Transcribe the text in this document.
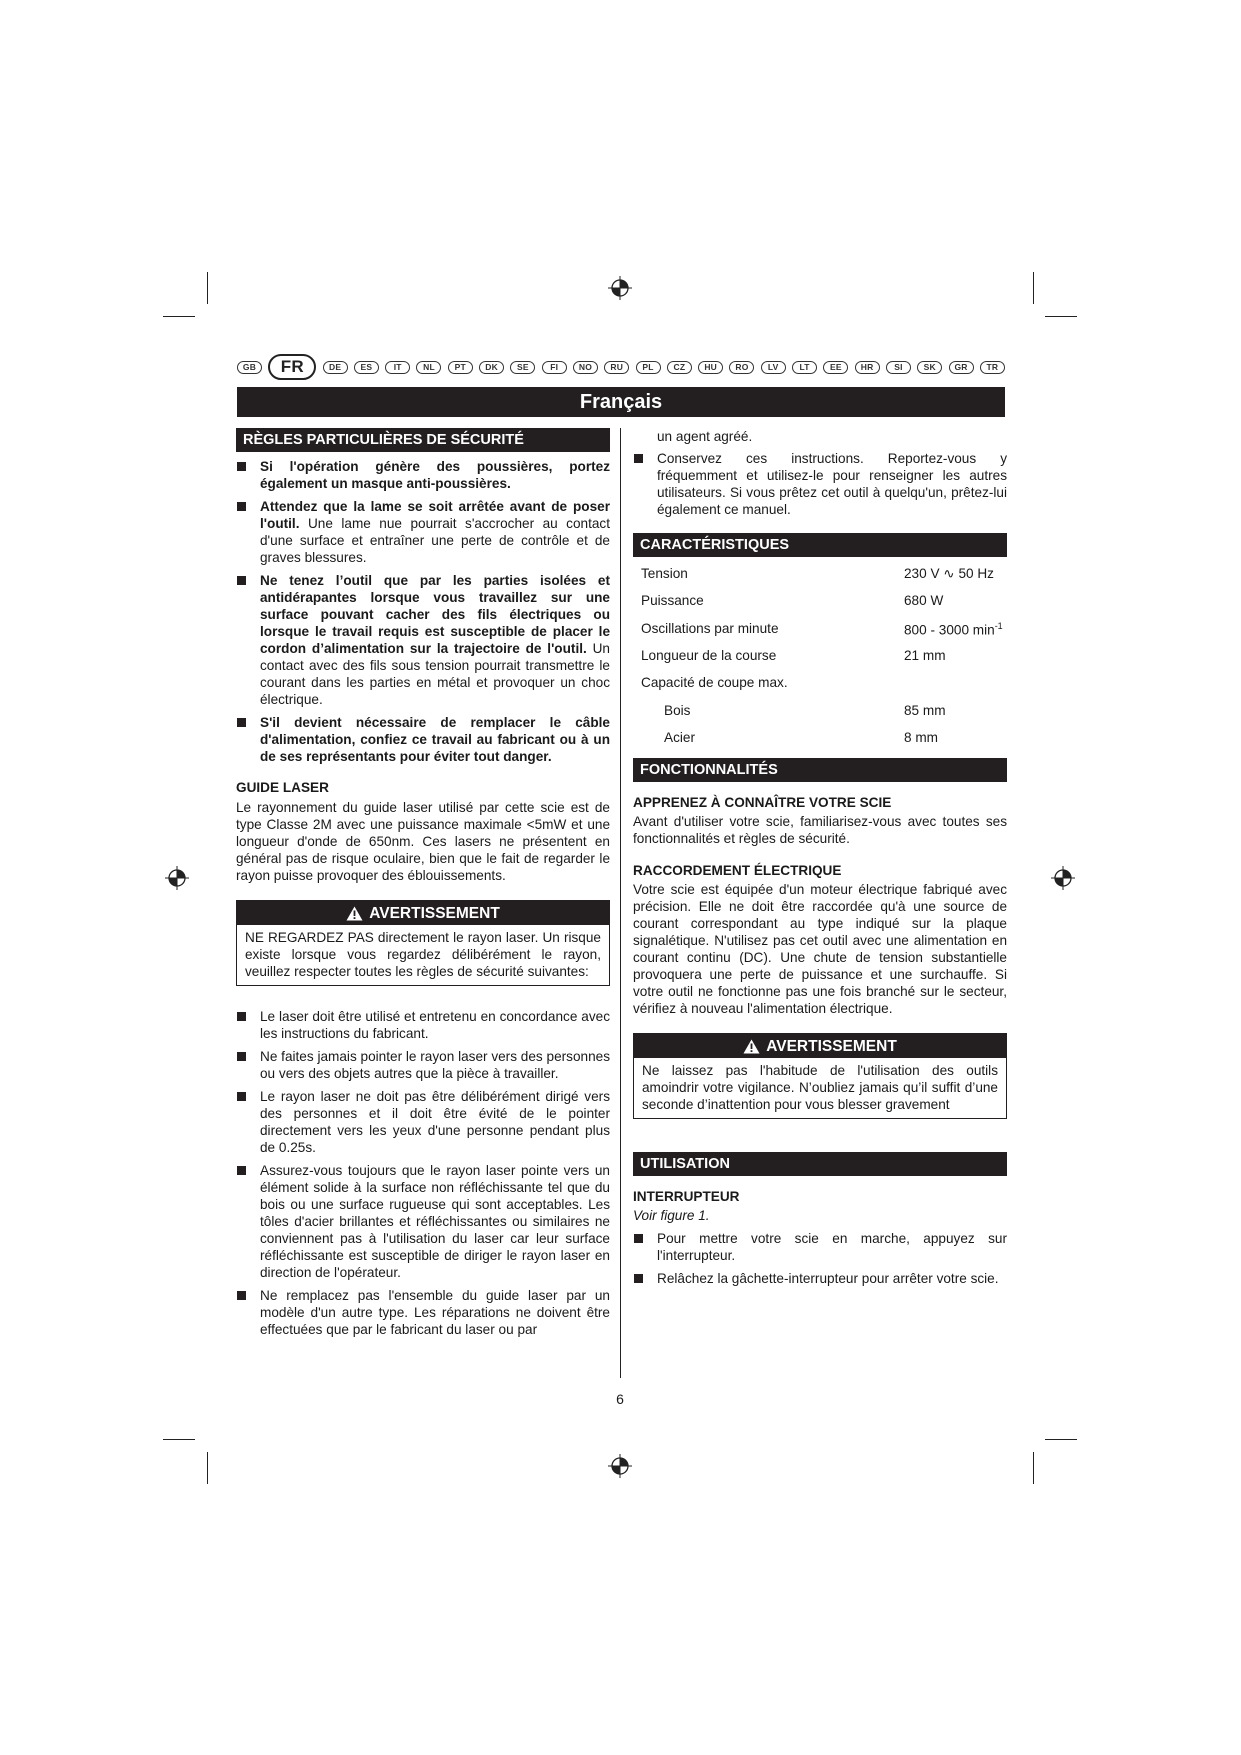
GB	FR	DE	ES	IT	NL	PT	DK	SE	FI	NO	RU	PL	CZ	HU	RO	LV	LT	EE	HR	SI	SK	GR	TR
Français
RÈGLES PARTICULIÈRES DE SÉCURITÉ
Si l'opération génère des poussières, portez également un masque anti-poussières.
Attendez que la lame se soit arrêtée avant de poser l'outil. Une lame nue pourrait s'accrocher au contact d'une surface et entraîner une perte de contrôle et de graves blessures.
Ne tenez l’outil que par les parties isolées et antidérapantes lorsque vous travaillez sur une surface pouvant cacher des fils électriques ou lorsque le travail requis est susceptible de placer le cordon d’alimentation sur la trajectoire de l'outil. Un contact avec des fils sous tension pourrait transmettre le courant dans les parties en métal et provoquer un choc électrique.
S'il devient nécessaire de remplacer le câble d'alimentation, confiez ce travail au fabricant ou à un de ses représentants pour éviter tout danger.
GUIDE LASER

Le rayonnement du guide laser utilisé par cette scie est de type Classe 2M avec une puissance maximale <5mW et une longueur d'onde de 650nm. Ces lasers ne présentent en général pas de risque oculaire, bien que le fait de regarder le rayon puisse provoquer des éblouissements.

AVERTISSEMENT
NE REGARDEZ PAS directement le rayon laser. Un risque existe lorsque vous regardez délibérément le rayon, veuillez respecter toutes les règles de sécurité suivantes:
Le laser doit être utilisé et entretenu en concordance avec les instructions du fabricant.
Ne faites jamais pointer le rayon laser vers des personnes ou vers des objets autres que la pièce à travailler.
Le rayon laser ne doit pas être délibérément dirigé vers des personnes et il doit être évité de le pointer directement vers les yeux d'une personne pendant plus de 0.25s.
Assurez-vous toujours que le rayon laser pointe vers un élément solide à la surface non réfléchissante tel que du bois ou une surface rugueuse qui sont acceptables. Les tôles d'acier brillantes et réfléchissantes ou similaires ne conviennent pas à l'utilisation du laser car leur surface réfléchissante est susceptible de diriger le rayon laser en direction de l'opérateur.
Ne remplacez pas l'ensemble du guide laser par un modèle d'un autre type. Les réparations ne doivent être effectuées que par le fabricant du laser ou par

un agent agréé.

Conservez ces instructions. Reportez-vous y fréquemment et utilisez-le pour renseigner les autres utilisateurs. Si vous prêtez cet outil à quelqu'un, prêtez-lui également ce manuel.
CARACTÉRISTIQUES
Tension	230 V ∿ 50 Hz
Puissance	680 W
Oscillations par minute	800 - 3000 $\min^{-1}$
Longueur de la course	21 mm
Capacité de coupe max.	
Bois	85 mm
Acier	8 mm
FONCTIONNALITÉS
APPRENEZ À CONNAÎTRE VOTRE SCIE

Avant d'utiliser votre scie, familiarisez-vous avec toutes ses fonctionnalités et règles de sécurité.

RACCORDEMENT ÉLECTRIQUE

Votre scie est équipée d'un moteur électrique fabriqué avec précision. Elle ne doit être raccordée qu'à une source de courant correspondant au type indiqué sur la plaque signalétique. N'utilisez pas cet outil avec une alimentation en courant continu (DC). Une chute de tension substantielle provoquera une perte de puissance et une surchauffe. Si votre outil ne fonctionne pas une fois branché sur le secteur, vérifiez à nouveau l'alimentation électrique.

AVERTISSEMENT
Ne laissez pas l'habitude de l'utilisation des outils amoindrir votre vigilance. N’oubliez jamais qu’il suffit d’une seconde d’inattention pour vous blesser gravement
UTILISATION
INTERRUPTEUR

Voir figure 1.

Pour mettre votre scie en marche, appuyez sur l'interrupteur.
Relâchez la gâchette-interrupteur pour arrêter votre scie.
6
